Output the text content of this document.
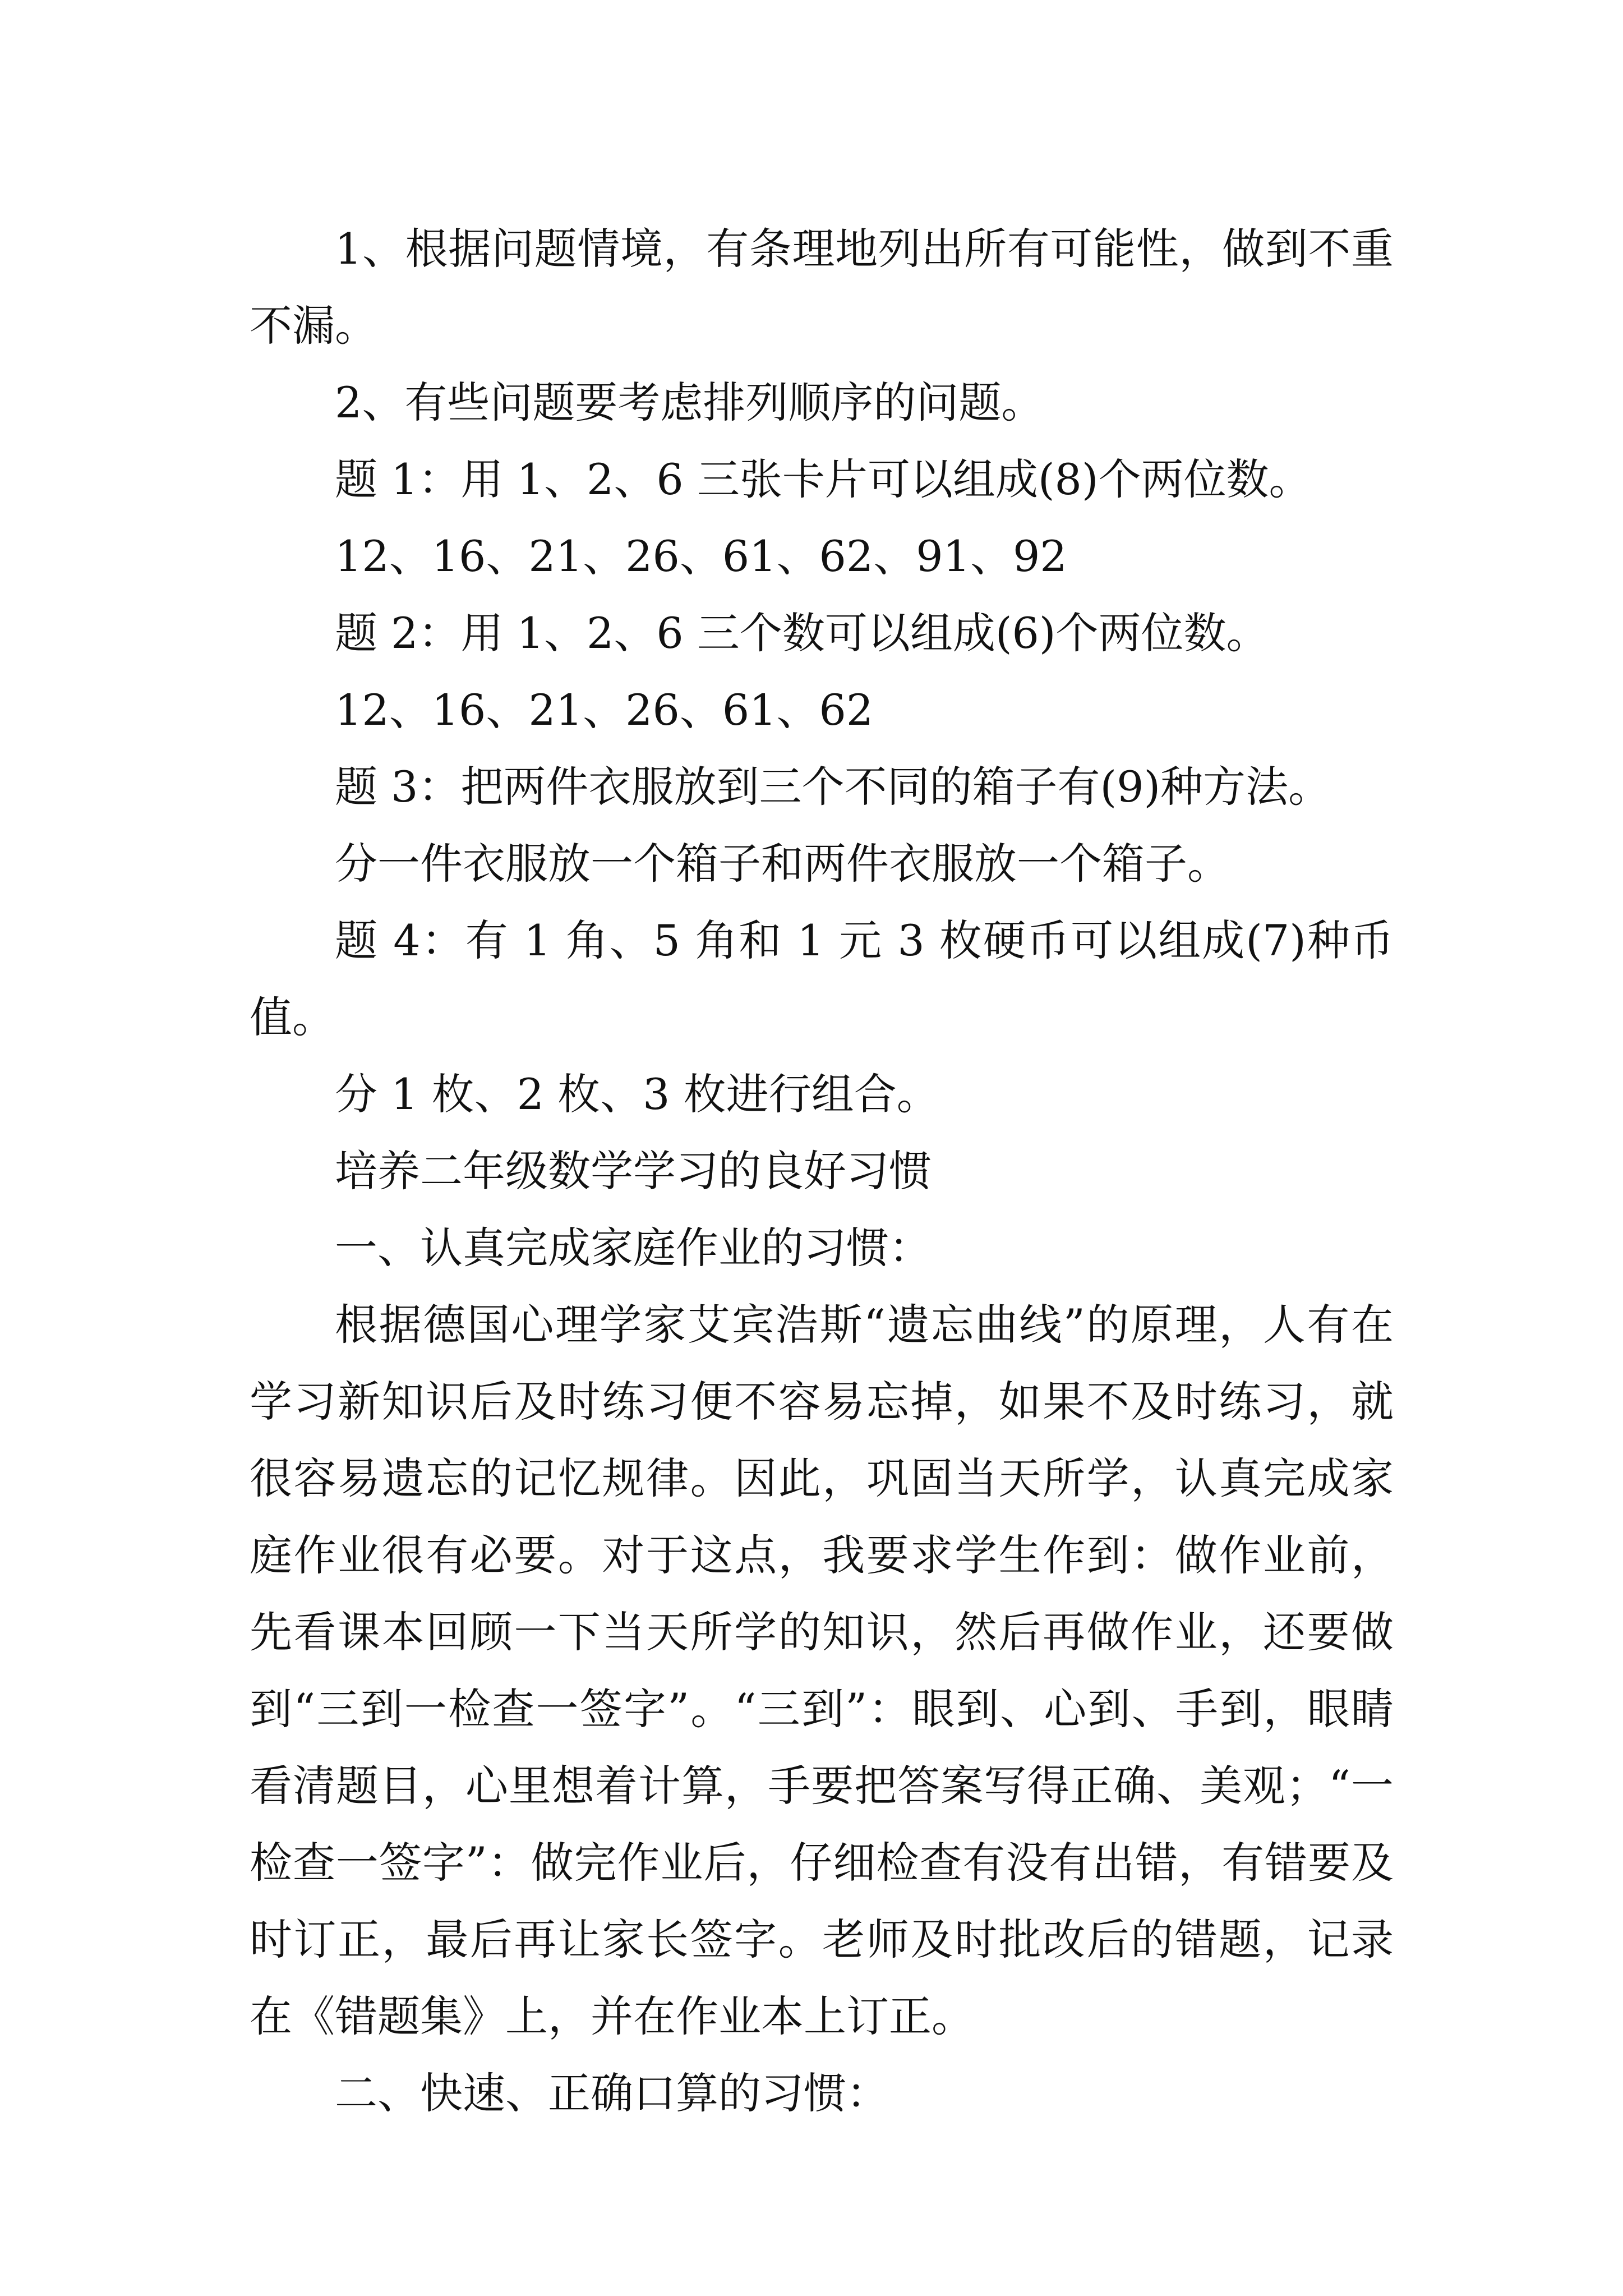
1、根据问题情境，有条理地列出所有可能性，做到不重不漏。

2、有些问题要考虑排列顺序的问题。

题 1：用 1、2、6 三张卡片可以组成(8)个两位数。

12、16、21、26、61、62、91、92

题 2：用 1、2、6 三个数可以组成(6)个两位数。

12、16、21、26、61、62

题 3：把两件衣服放到三个不同的箱子有(9)种方法。

分一件衣服放一个箱子和两件衣服放一个箱子。

题 4：有 1 角、5 角和 1 元 3 枚硬币可以组成(7)种币值。

分 1 枚、2 枚、3 枚进行组合。

培养二年级数学学习的良好习惯

一、认真完成家庭作业的习惯：

根据德国心理学家艾宾浩斯“遗忘曲线”的原理，人有在学习新知识后及时练习便不容易忘掉，如果不及时练习，就很容易遗忘的记忆规律。因此，巩固当天所学，认真完成家庭作业很有必要。对于这点，我要求学生作到：做作业前，先看课本回顾一下当天所学的知识，然后再做作业，还要做到“三到一检查一签字”。“三到”：眼到、心到、手到，眼睛看清题目，心里想着计算，手要把答案写得正确、美观；“一检查一签字”：做完作业后，仔细检查有没有出错，有错要及时订正，最后再让家长签字。老师及时批改后的错题，记录在《错题集》上，并在作业本上订正。

二、快速、正确口算的习惯：
